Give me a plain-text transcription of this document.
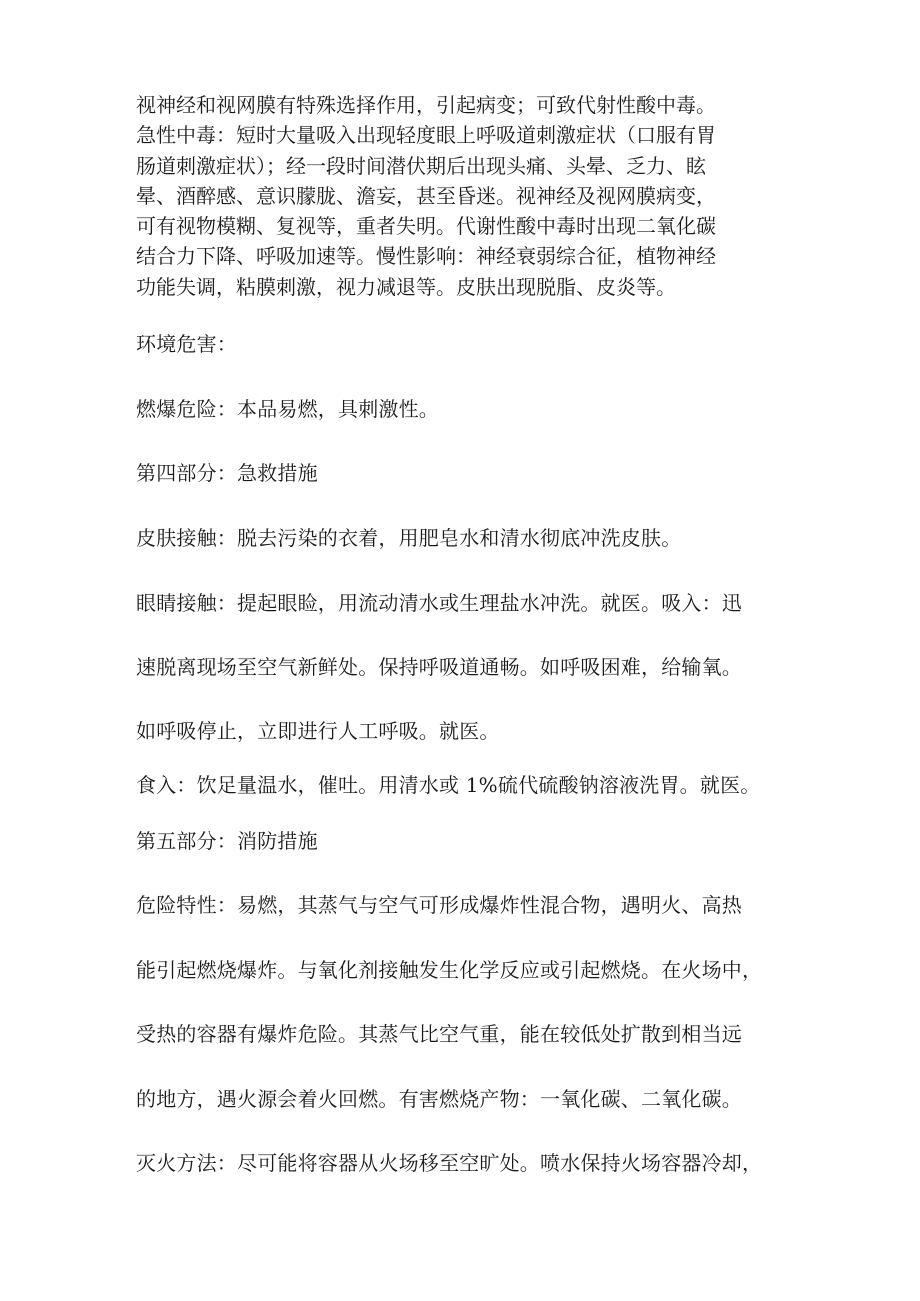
视神经和视网膜有特殊选择作用，引起病变；可致代射性酸中毒。
急性中毒：短时大量吸入出现轻度眼上呼吸道刺激症状（口服有胃
肠道刺激症状）；经一段时间潜伏期后出现头痛、头晕、乏力、眩
晕、酒醉感、意识朦胧、澹妄，甚至昏迷。视神经及视网膜病变，
可有视物模糊、复视等，重者失明。代谢性酸中毒时出现二氧化碳
结合力下降、呼吸加速等。慢性影响：神经衰弱综合征，植物神经
功能失调，粘膜刺激，视力减退等。皮肤出现脱脂、皮炎等。
环境危害：
燃爆危险：本品易燃，具刺激性。
第四部分：急救措施
皮肤接触：脱去污染的衣着，用肥皂水和清水彻底冲洗皮肤。
眼睛接触：提起眼睑，用流动清水或生理盐水冲洗。就医。吸入：迅
速脱离现场至空气新鲜处。保持呼吸道通畅。如呼吸困难，给输氧。
如呼吸停止，立即进行人工呼吸。就医。
食入：饮足量温水，催吐。用清水或 1%硫代硫酸钠溶液洗胃。就医。
第五部分：消防措施
危险特性：易燃，其蒸气与空气可形成爆炸性混合物，遇明火、高热
能引起燃烧爆炸。与氧化剂接触发生化学反应或引起燃烧。在火场中，
受热的容器有爆炸危险。其蒸气比空气重，能在较低处扩散到相当远
的地方，遇火源会着火回燃。有害燃烧产物：一氧化碳、二氧化碳。
灭火方法：尽可能将容器从火场移至空旷处。喷水保持火场容器冷却，
